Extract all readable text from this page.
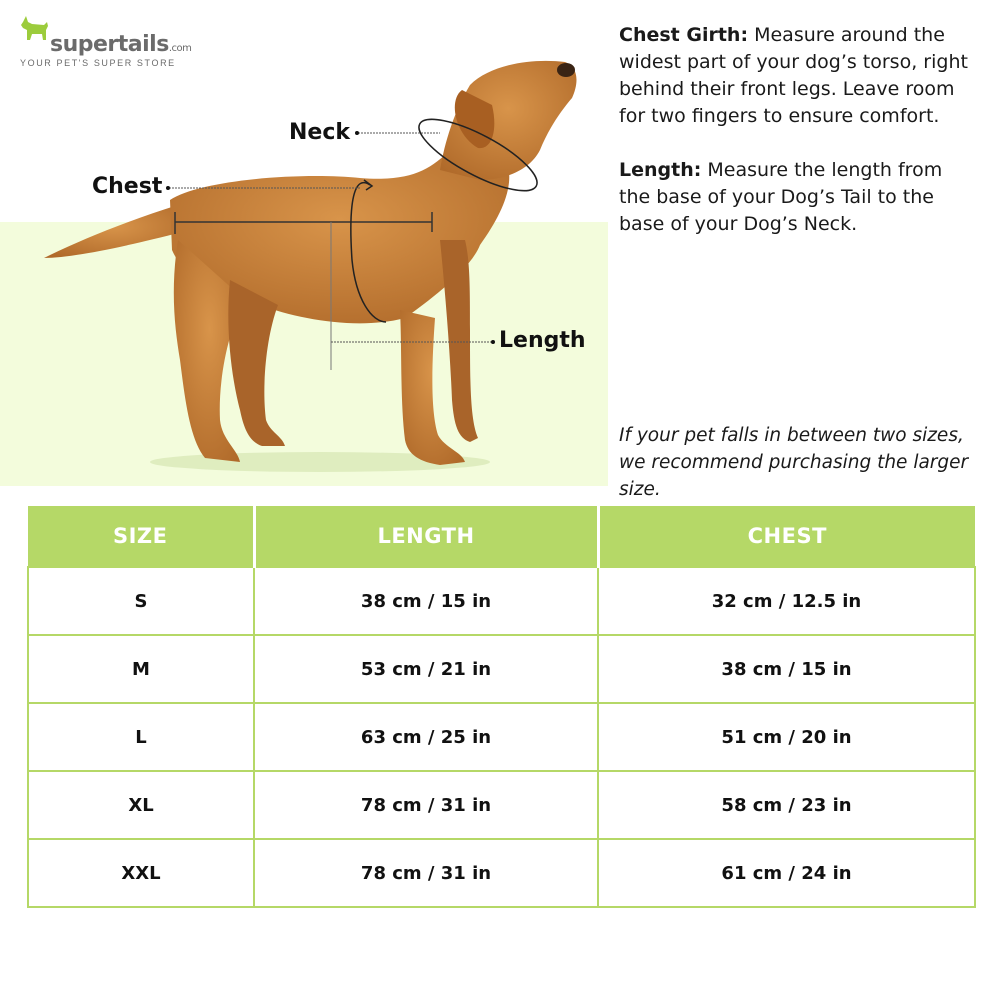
supertails.com
YOUR PET'S SUPER STORE
Neck
Chest
Length
Chest Girth: Measure around the widest part of your dog’s torso, right behind their front legs. Leave room for two fingers to ensure comfort.
Length: Measure the length from the base of your Dog’s Tail to the base of your Dog’s Neck.
If your pet falls in between two sizes, we recommend purchasing the larger size.
SIZE	LENGTH	CHEST
S	38 cm / 15 in	32 cm / 12.5 in
M	53 cm / 21 in	38 cm / 15 in
L	63 cm / 25 in	51 cm / 20 in
XL	78 cm / 31 in	58 cm / 23 in
XXL	78 cm / 31 in	61 cm / 24 in
